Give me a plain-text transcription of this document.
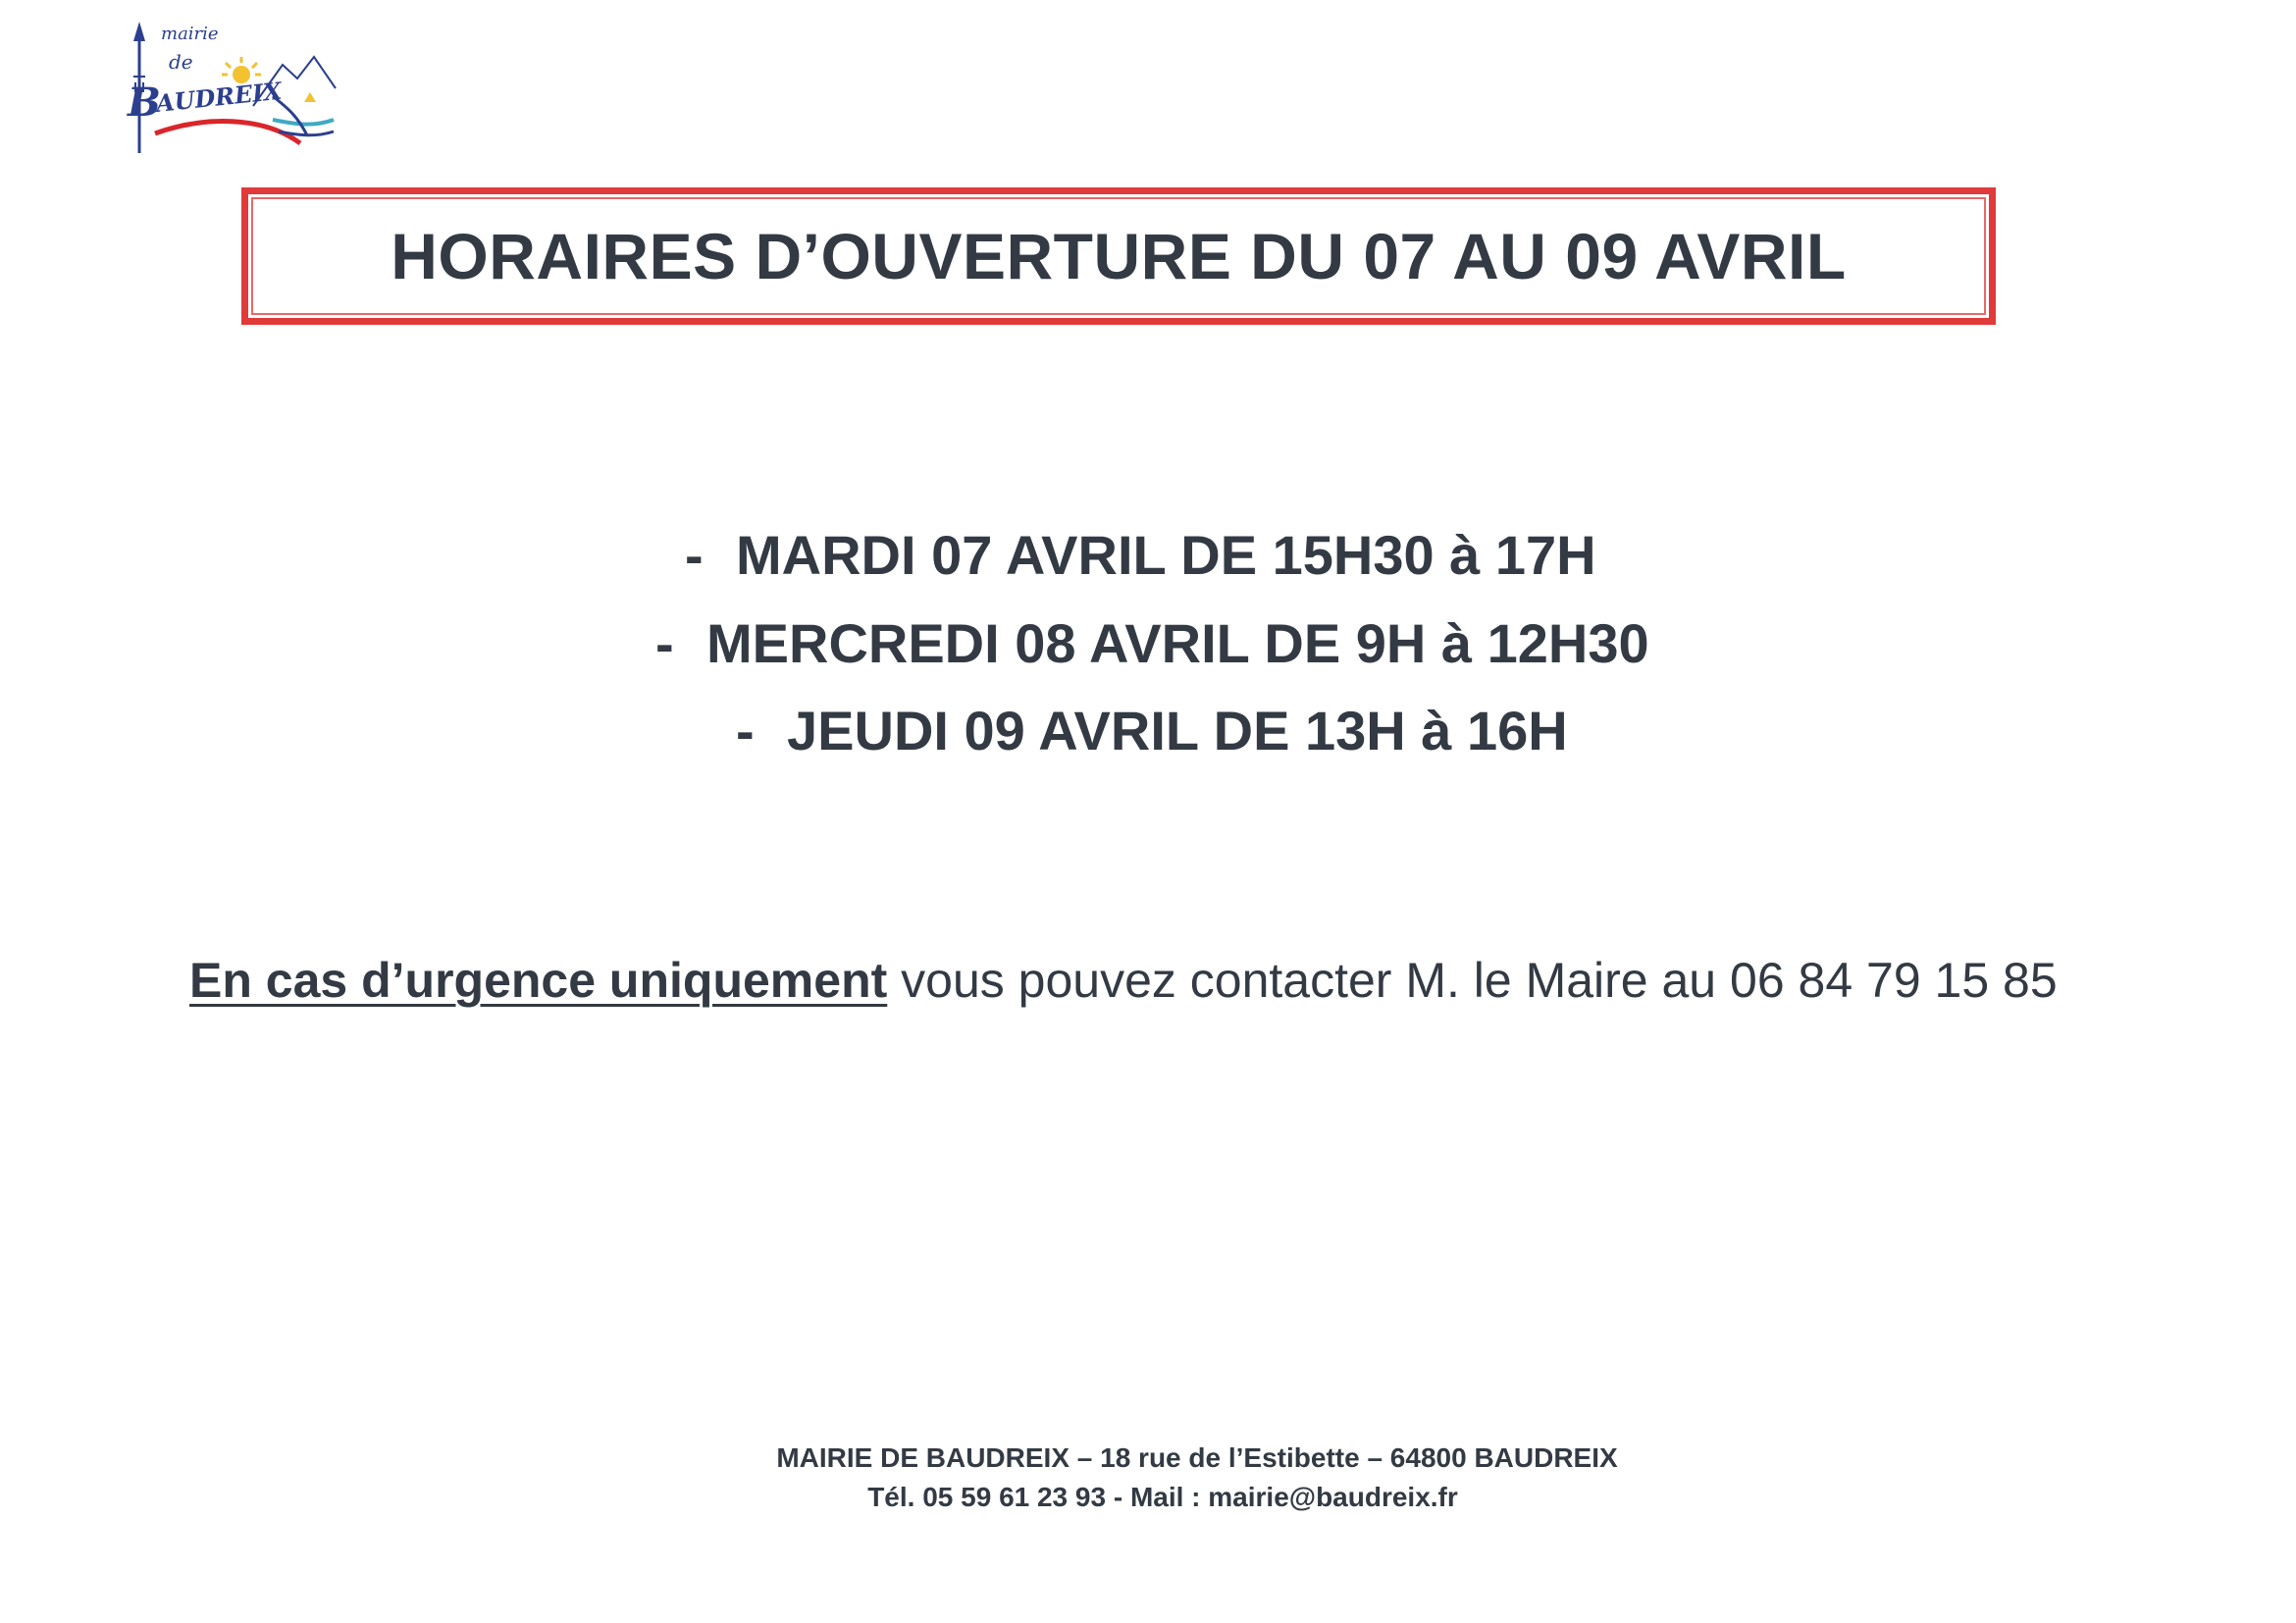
mairie
de
B
AUDREIX
HORAIRES D’OUVERTURE DU 07 AU 09 AVRIL
- MARDI 07 AVRIL DE 15H30 à 17H
- MERCREDI 08 AVRIL DE 9H à 12H30
- JEUDI 09 AVRIL DE 13H à 16H
En cas d’urgence uniquement vous pouvez contacter M. le Maire au 06 84 79 15 85
MAIRIE DE BAUDREIX – 18 rue de l’Estibette – 64800 BAUDREIX
Tél. 05 59 61 23 93 - Mail : mairie@baudreix.fr
